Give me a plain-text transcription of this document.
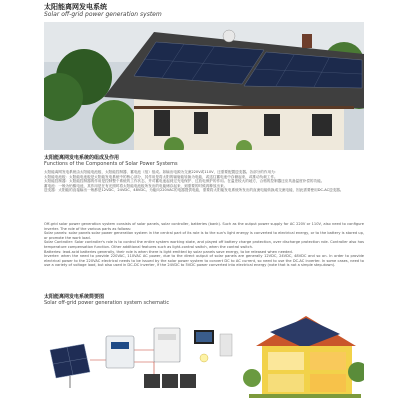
太阳能离网发电系统
Solar off-grid power generation system
太阳能离网发电系统的组成及作用
Functions of the Components of Solar Power Systems
太阳能离网发电系统由太阳能电池板、太阳能控制器、蓄电池（组）组成。如输出电源为交流220V或110V，还需要配置逆变器。各部分的作用为：
太阳能电池板：太阳能电池板是太阳能发电系统中的核心部分，其作用是将太阳的辐射能转换为电能，或送往蓄电池中存储起来，或推动负载工作。
太阳能控制器：太阳能控制器的作用是控制整个系统的工作状态，并对蓄电池起到过充电保护、过放电保护的作用。在温差较大的地方，合格的控制器还应具备温度补偿的功能。
蓄电池：一般为铅酸电池，其作用是在有光照时将太阳能电池板所发出的电能储存起来，到需要的时候再释放出来。
逆变器：太阳能的直接输出一般都是12VDC、24VDC、48VDC。为能向220VAC的电器提供电能，需要将太阳能发电系统所发出的直流电能转换成交流电能，因此需要使用DC-AC逆变器。
Off-grid solar power generation system consists of solar panels, solar controller, batteries (bank). Such as the output power supply for AC 220V or 110V, also need to configure inverter. The role of the various parts as follows:
Solar panels: solar panels solar power generation system in the central part of its role is to the sun's light energy is converted to electrical energy, or to the battery is stored up, or promote the work load.
Solar Controller: Solar controller's role is to control the entire system working state, and played off battery charge protection, over discharge protection role. Controller also has temperature compensation function. Other additional features such as light-control switch, when the control switch.
Batteries: lead-acid batteries generally, their role is when there is light emitted by solar panels save energy, to be released when needed.
Inverter: when the need to provide 220VAC, 110VAC AC power, due to the direct output of solar panels are generally 12VDC, 24VDC, 48VDC and so on. In order to provide electrical power to the 220VAC electrical needs to be issued by the solar power system to convert DC to AC current, so need to use the DC-AC inverter. In some cases, need to use a variety of voltage load, but also used in DC-DC inverter, if the 24VDC to 5VDC power converted into electrical energy (note that is not a simple step-down).
太阳能离网发电系统简要图
Solar off-grid power generation system schematic
